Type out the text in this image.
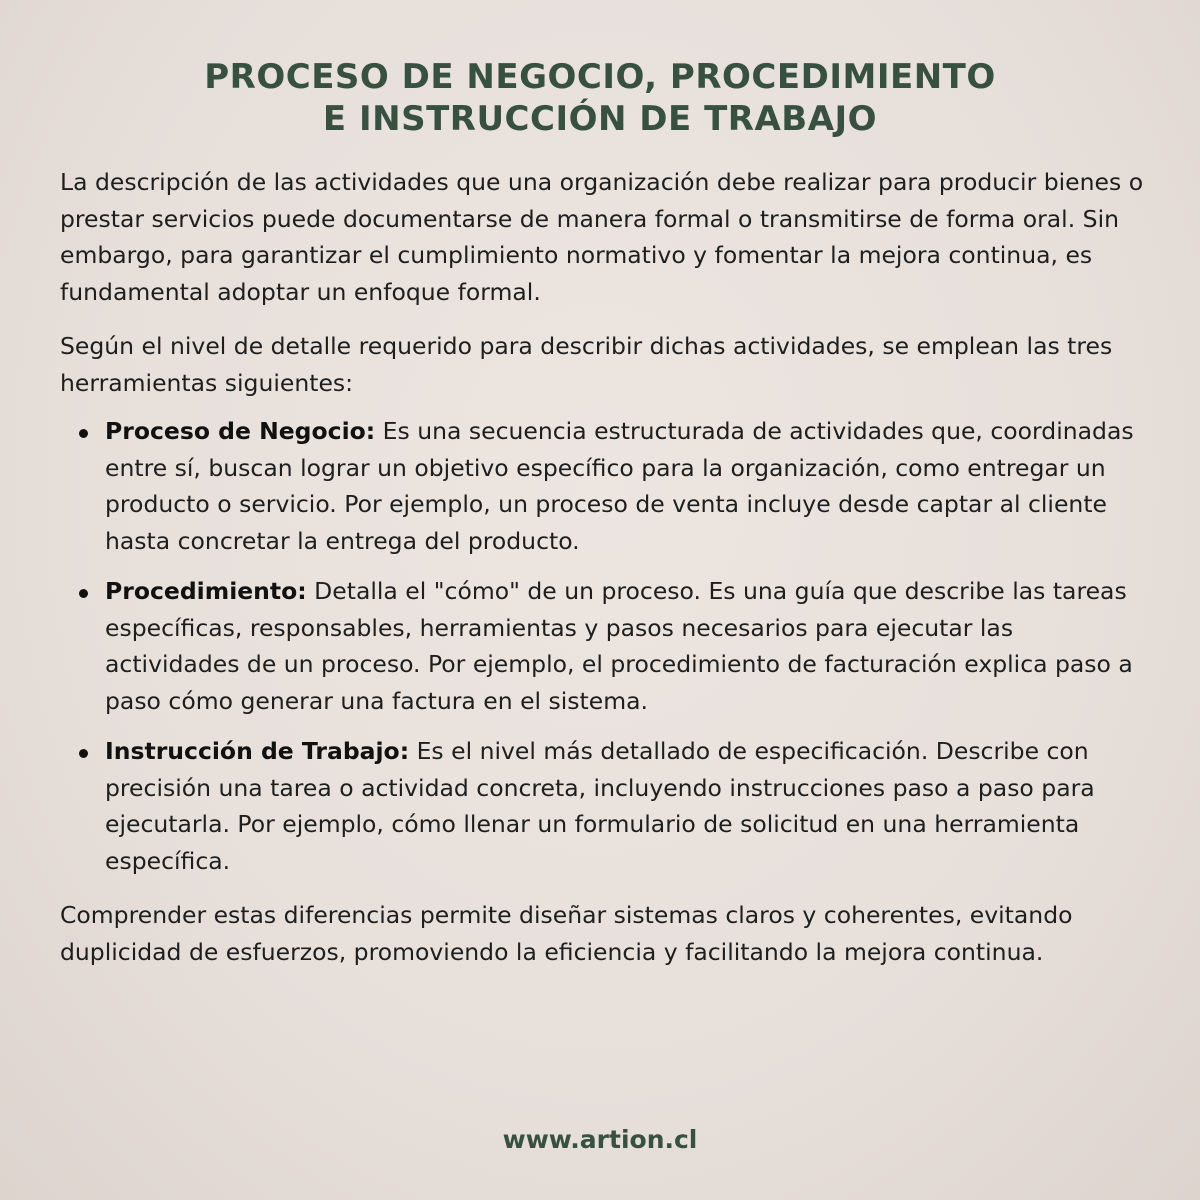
PROCESO DE NEGOCIO, PROCEDIMIENTO
E INSTRUCCIÓN DE TRABAJO

La descripción de las actividades que una organización debe realizar para producir bienes o prestar servicios puede documentarse de manera formal o transmitirse de forma oral. Sin embargo, para garantizar el cumplimiento normativo y fomentar la mejora continua, es fundamental adoptar un enfoque formal.

Según el nivel de detalle requerido para describir dichas actividades, se emplean las tres herramientas siguientes:

Proceso de Negocio: Es una secuencia estructurada de actividades que, coordinadas entre sí, buscan lograr un objetivo específico para la organización, como entregar un producto o servicio. Por ejemplo, un proceso de venta incluye desde captar al cliente hasta concretar la entrega del producto.
Procedimiento: Detalla el "cómo" de un proceso. Es una guía que describe las tareas específicas, responsables, herramientas y pasos necesarios para ejecutar las actividades de un proceso. Por ejemplo, el procedimiento de facturación explica paso a paso cómo generar una factura en el sistema.
Instrucción de Trabajo: Es el nivel más detallado de especificación. Describe con precisión una tarea o actividad concreta, incluyendo instrucciones paso a paso para ejecutarla. Por ejemplo, cómo llenar un formulario de solicitud en una herramienta específica.

Comprender estas diferencias permite diseñar sistemas claros y coherentes, evitando duplicidad de esfuerzos, promoviendo la eficiencia y facilitando la mejora continua.

www.artion.cl
